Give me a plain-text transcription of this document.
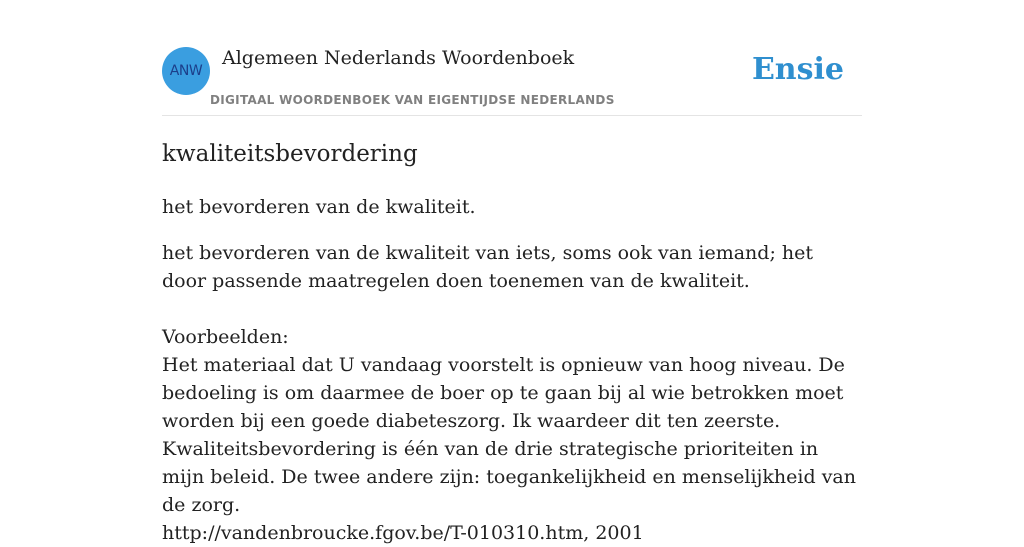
ANW
Algemeen Nederlands Woordenboek
DIGITAAL WOORDENBOEK VAN EIGENTIJDSE NEDERLANDS
Ensie
kwaliteitsbevordering
het bevorderen van de kwaliteit.

het bevorderen van de kwaliteit van iets, soms ook van iemand; het door passende maatregelen doen toenemen van de kwaliteit.

Voorbeelden:

Het materiaal dat U vandaag voorstelt is opnieuw van hoog niveau. De bedoeling is om daarmee de boer op te gaan bij al wie betrokken moet worden bij een goede diabeteszorg. Ik waardeer dit ten zeerste. Kwaliteitsbevordering is één van de drie strategische prioriteiten in mijn beleid. De twee andere zijn: toegankelijkheid en menselijkheid van de zorg.

http://vandenbroucke.fgov.be/T-010310.htm, 2001
